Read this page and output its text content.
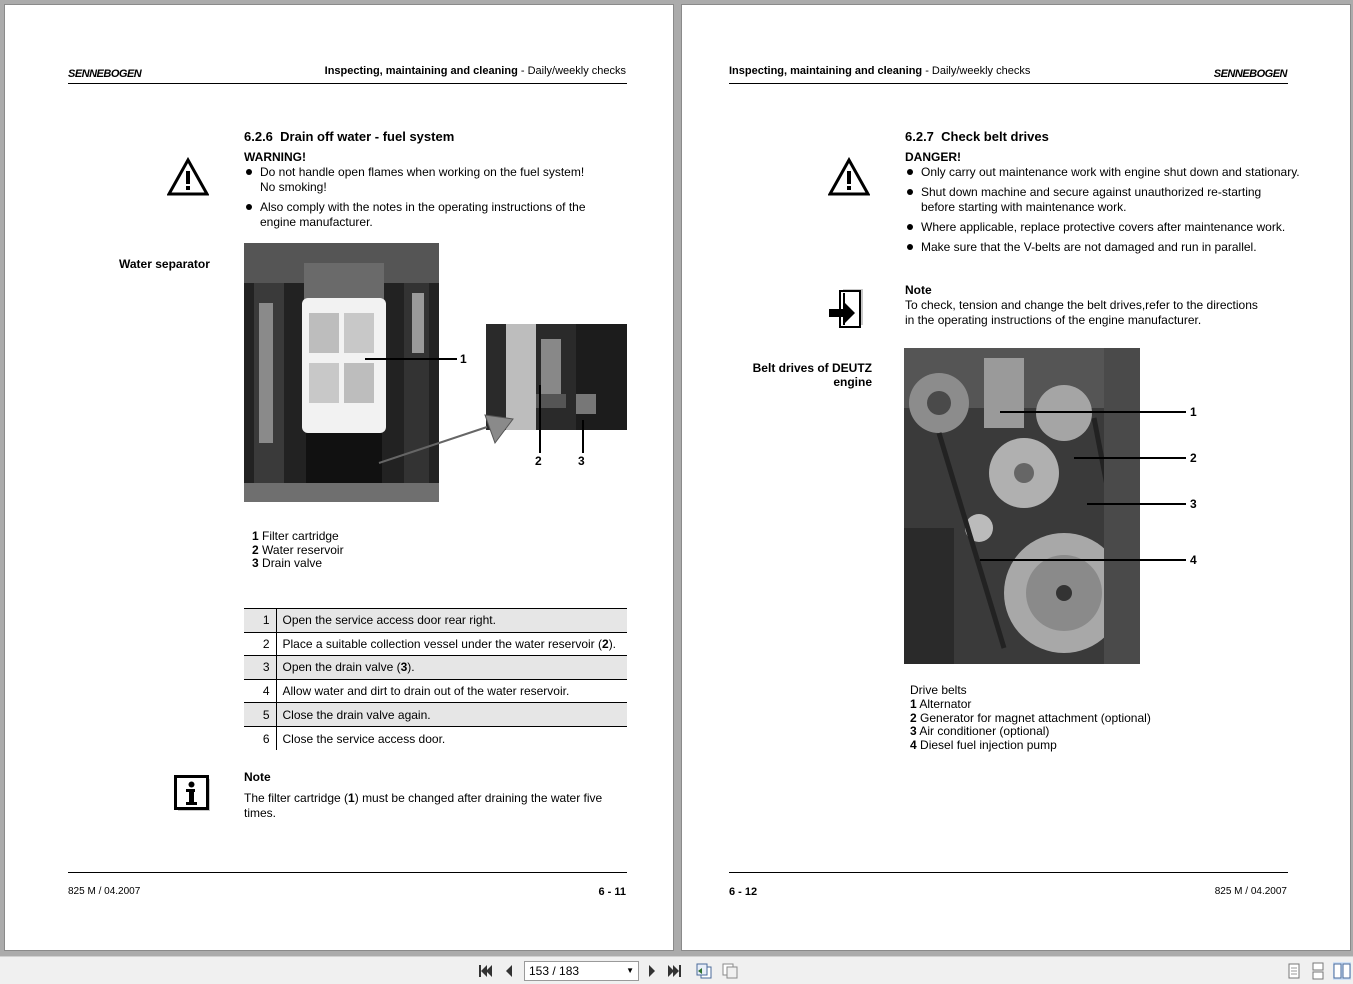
SENNEBOGEN	Inspecting, maintaining and cleaning - Daily/weekly checks
6.2.6 Drain off water - fuel system
WARNING!
Do not handle open flames when working on the fuel system!
No smoking!
Also comply with the notes in the operating instructions of the
engine manufacturer.
Water separator
1
2	3
1 Filter cartridge
2 Water reservoir
3 Drain valve
1	Open the service access door rear right.
2	Place a suitable collection vessel under the water reservoir (2).
3	Open the drain valve (3).
4	Allow water and dirt to drain out of the water reservoir.
5	Close the drain valve again.
6	Close the service access door.
Note
The filter cartridge (1) must be changed after draining the water five
times.
825 M / 04.2007	6 - 11
Inspecting, maintaining and cleaning - Daily/weekly checks	SENNEBOGEN
6.2.7 Check belt drives
DANGER!
Only carry out maintenance work with engine shut down and stationary.
Shut down machine and secure against unauthorized re-starting
before starting with maintenance work.
Where applicable, replace protective covers after maintenance work.
Make sure that the V-belts are not damaged and run in parallel.
Note
To check, tension and change the belt drives,refer to the directions
in the operating instructions of the engine manufacturer.
Belt drives of DEUTZ
engine
1
2
3
4
Drive belts
1 Alternator
2 Generator for magnet attachment (optional)
3 Air conditioner (optional)
4 Diesel fuel injection pump
6 - 12	825 M / 04.2007
153 / 183	▼
